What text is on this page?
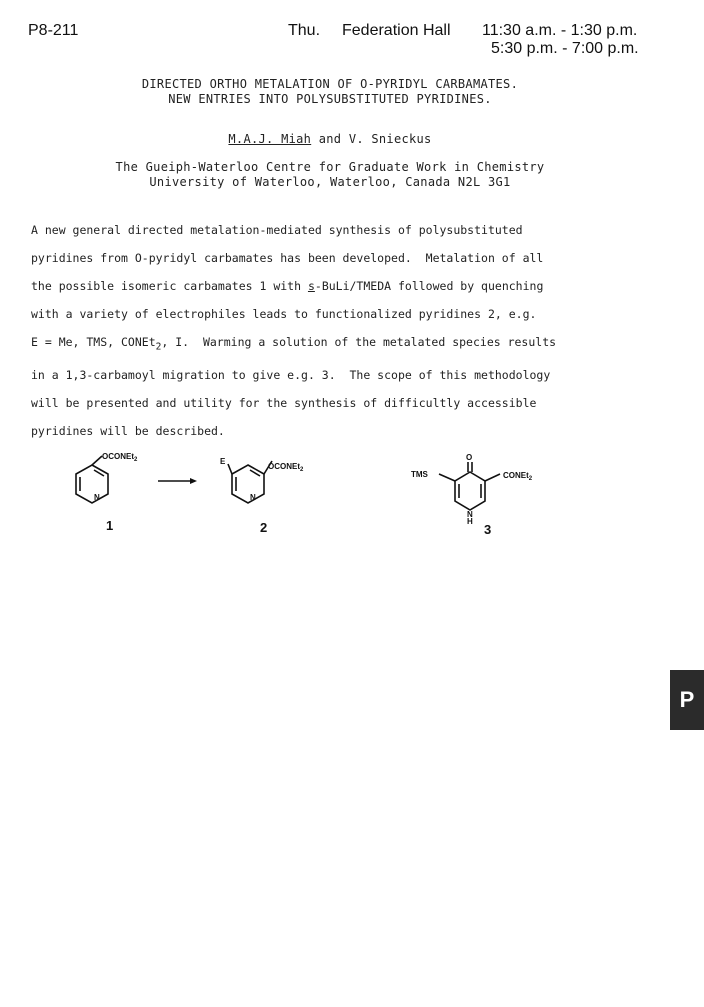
P8-211	Thu. Federation Hall 11:30 a.m. - 1:30 p.m.
5:30 p.m. - 7:00 p.m.
DIRECTED ORTHO METALATION OF O-PYRIDYL CARBAMATES.
NEW ENTRIES INTO POLYSUBSTITUTED PYRIDINES.
M.A.J. Miah and V. Snieckus
The Gueiph-Waterloo Centre for Graduate Work in Chemistry
University of Waterloo, Waterloo, Canada N2L 3G1
A new general directed metalation-mediated synthesis of polysubstituted
pyridines from O-pyridyl carbamates has been developed.  Metalation of all
the possible isomeric carbamates 1 with s-BuLi/TMEDA followed by quenching
with a variety of electrophiles leads to functionalized pyridines 2, e.g.
E = Me, TMS, CONEt$_2$, I.  Warming a solution of the metalated species results
in a 1,3-carbamoyl migration to give e.g. 3.  The scope of this methodology
will be presented and utility for the synthesis of difficultly accessible
pyridines will be described.
OCONEt$_2$
N
1
E
OCONEt$_2$
N
2
O
TMS	CONEt$_2$
N
H
3
P
